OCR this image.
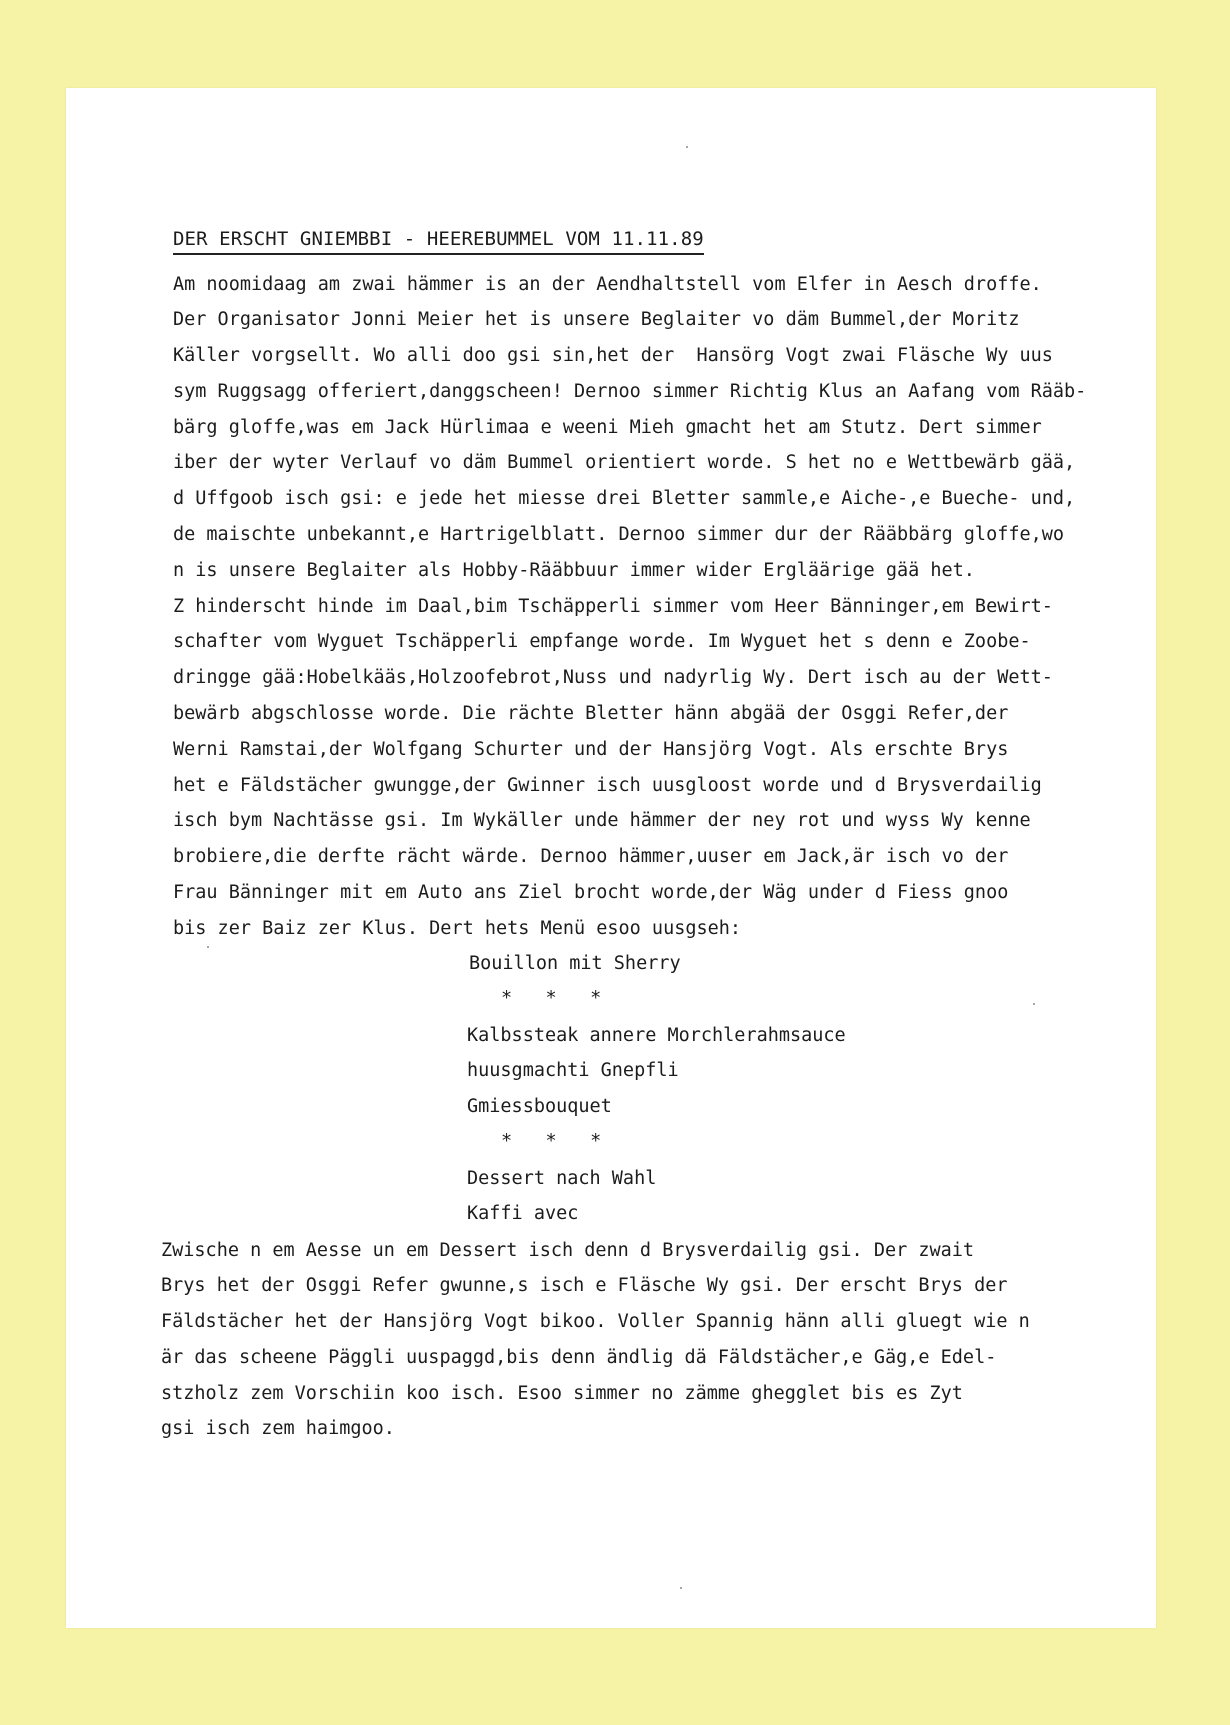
DER ERSCHT GNIEMBBI - HEEREBUMMEL VOM 11.11.89

Am noomidaag am zwai hämmer is an der Aendhaltstell vom Elfer in Aesch droffe.

Der Organisator Jonni Meier het is unsere Beglaiter vo däm Bummel,der Moritz

Käller vorgsellt. Wo alli doo gsi sin,het der  Hansörg Vogt zwai Fläsche Wy uus

sym Ruggsagg offeriert,danggscheen! Dernoo simmer Richtig Klus an Aafang vom Rääb-

bärg gloffe,was em Jack Hürlimaa e weeni Mieh gmacht het am Stutz. Dert simmer

iber der wyter Verlauf vo däm Bummel orientiert worde. S het no e Wettbewärb gää,

d Uffgoob isch gsi: e jede het miesse drei Bletter sammle,e Aiche-,e Bueche- und,

de maischte unbekannt,e Hartrigelblatt. Dernoo simmer dur der Rääbbärg gloffe,wo

n is unsere Beglaiter als Hobby-Rääbbuur immer wider Ergläärige gää het.

Z hinderscht hinde im Daal,bim Tschäpperli simmer vom Heer Bänninger,em Bewirt-

schafter vom Wyguet Tschäpperli empfange worde. Im Wyguet het s denn e Zoobe-

dringge gää:Hobelkääs,Holzoofebrot,Nuss und nadyrlig Wy. Dert isch au der Wett-

bewärb abgschlosse worde. Die rächte Bletter hänn abgää der Osggi Refer,der

Werni Ramstai,der Wolfgang Schurter und der Hansjörg Vogt. Als erschte Brys

het e Fäldstächer gwungge,der Gwinner isch uusgloost worde und d Brysverdailig

isch bym Nachtässe gsi. Im Wykäller unde hämmer der ney rot und wyss Wy kenne

brobiere,die derfte rächt wärde. Dernoo hämmer,uuser em Jack,är isch vo der

Frau Bänninger mit em Auto ans Ziel brocht worde,der Wäg under d Fiess gnoo

bis zer Baiz zer Klus. Dert hets Menü esoo uusgseh:

Bouillon mit Sherry

*   *   *

Kalbssteak annere Morchlerahmsauce

huusgmachti Gnepfli

Gmiessbouquet

*   *   *

Dessert nach Wahl

Kaffi avec

Zwische n em Aesse un em Dessert isch denn d Brysverdailig gsi. Der zwait

Brys het der Osggi Refer gwunne,s isch e Fläsche Wy gsi. Der erscht Brys der

Fäldstächer het der Hansjörg Vogt bikoo. Voller Spannig hänn alli gluegt wie n

är das scheene Päggli uuspaggd,bis denn ändlig dä Fäldstächer,e Gäg,e Edel-

stzholz zem Vorschiin koo isch. Esoo simmer no zämme ghegglet bis es Zyt

gsi isch zem haimgoo.
